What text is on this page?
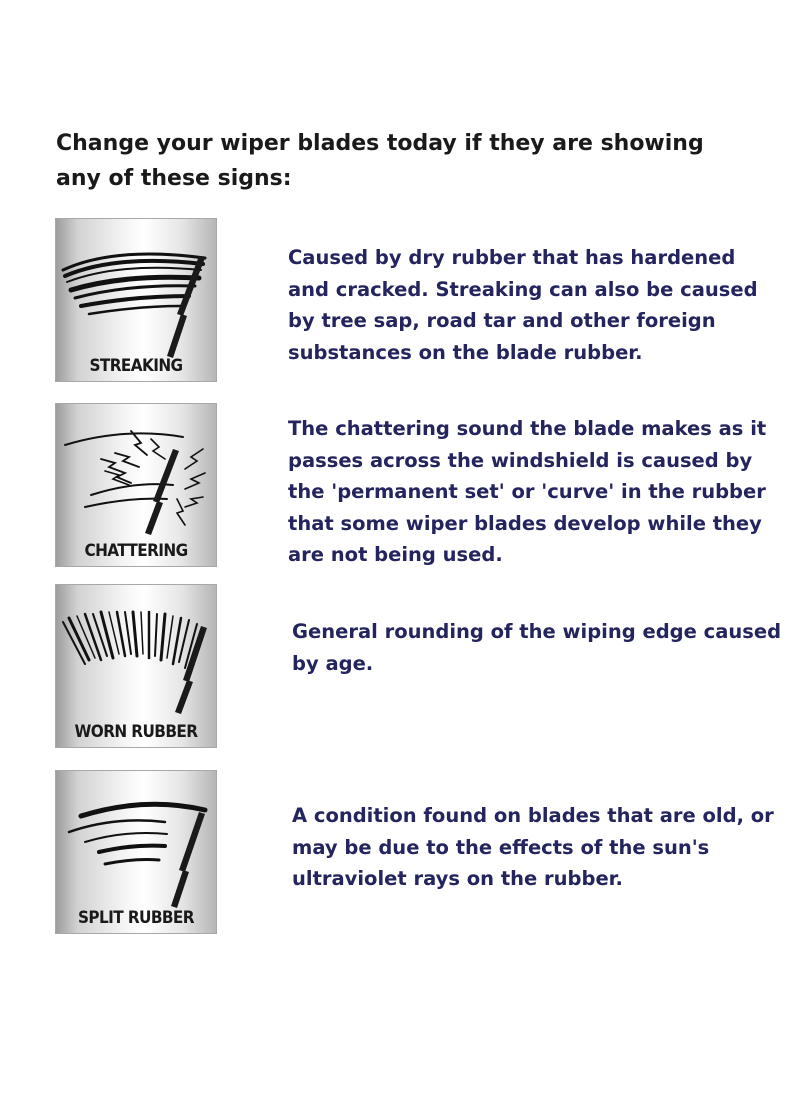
Change your wiper blades today if they are showing any of these signs:
STREAKING

Caused by dry rubber that has hardened and cracked. Streaking can also be caused by tree sap, road tar and other foreign substances on the blade rubber.

CHATTERING

The chattering sound the blade makes as it passes across the windshield is caused by the 'permanent set' or 'curve' in the rubber that some wiper blades develop while they are not being used.

WORN RUBBER

General rounding of the wiping edge caused by age.

SPLIT RUBBER

A condition found on blades that are old, or may be due to the effects of the sun's ultraviolet rays on the rubber.
